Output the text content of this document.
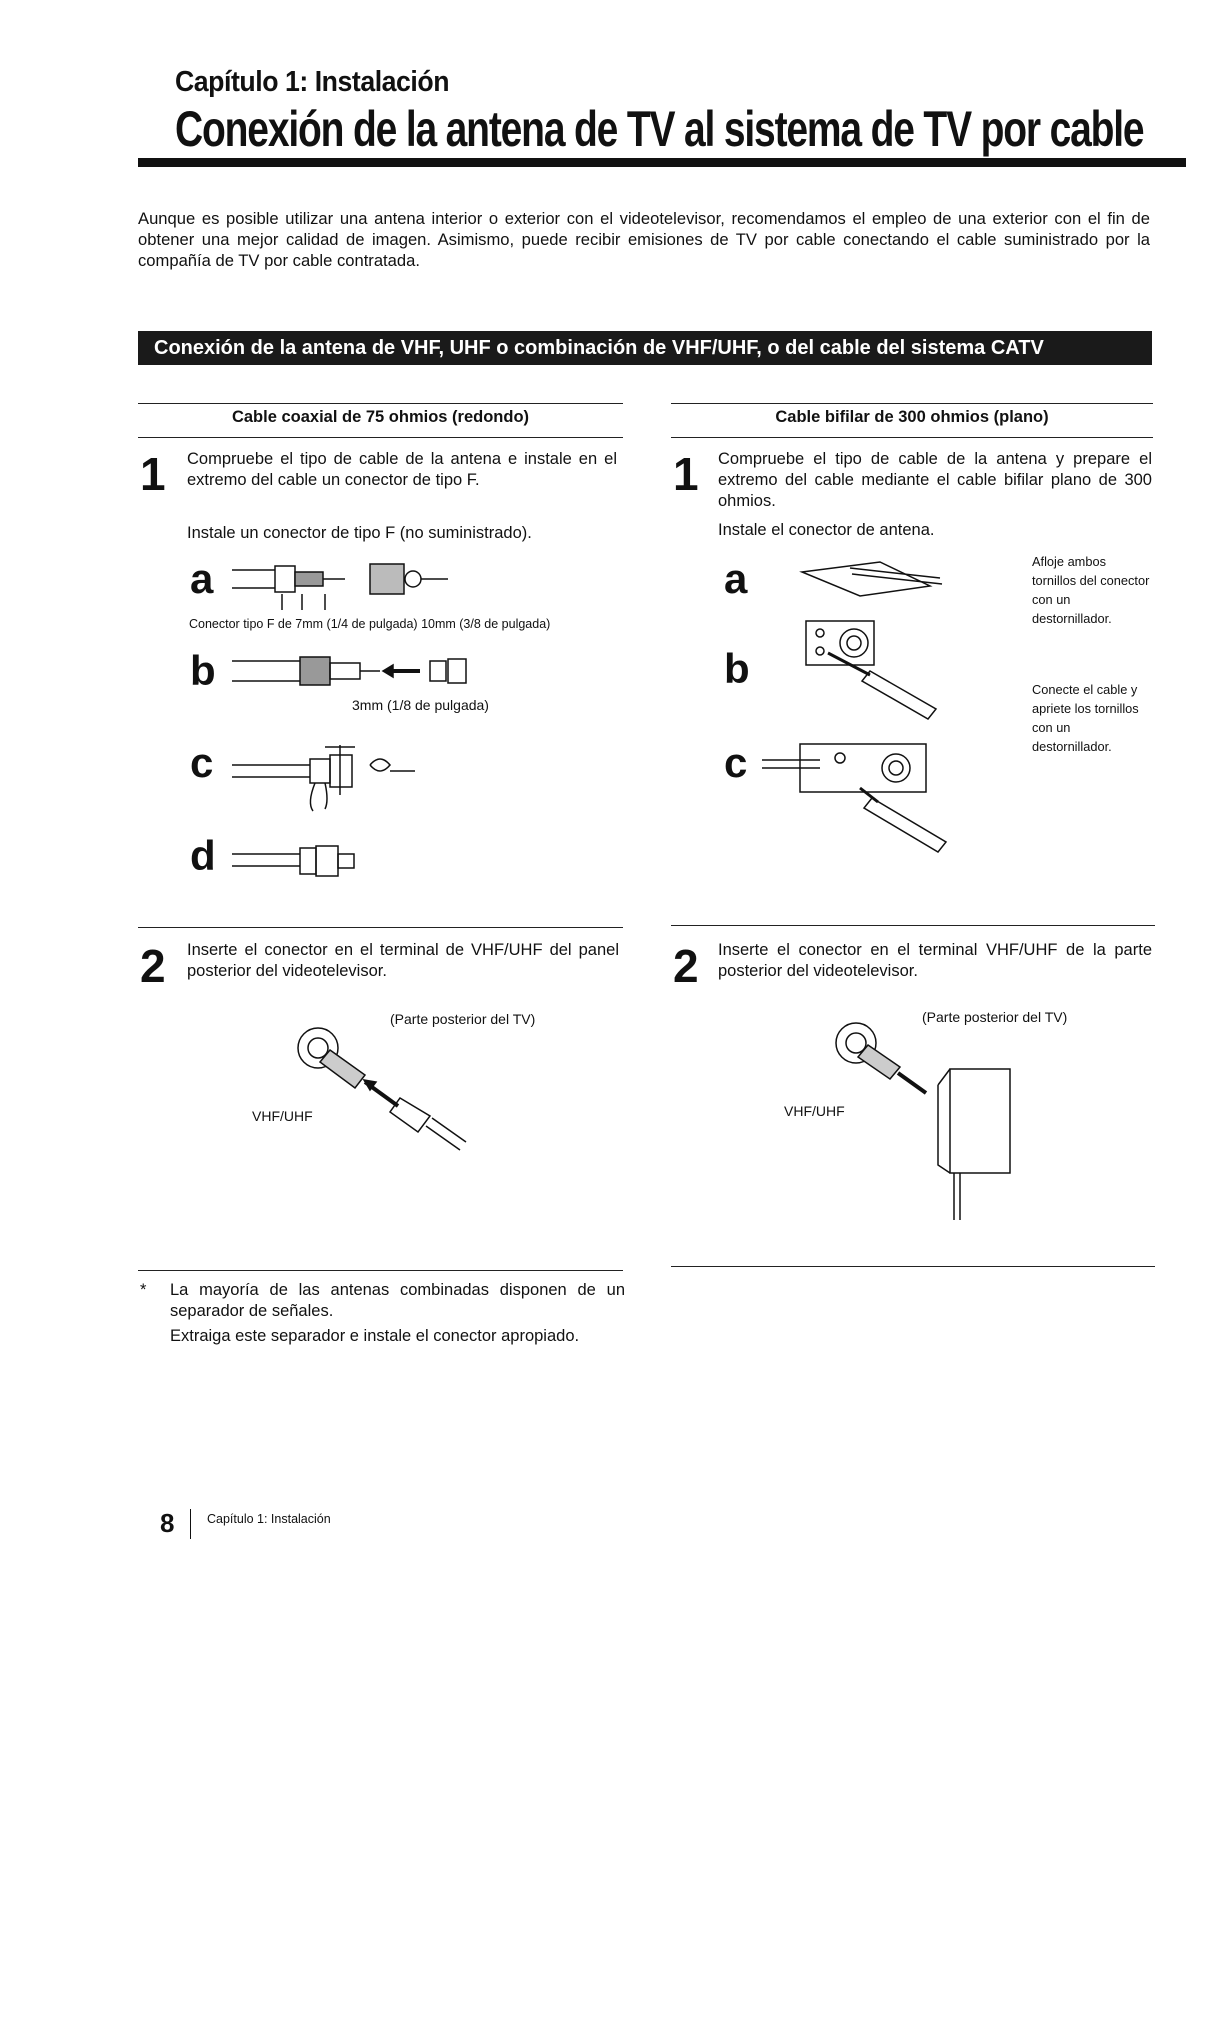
Capítulo 1: Instalación
Conexión de la antena de TV al sistema de TV por cable
Aunque es posible utilizar una antena interior o exterior con el videotelevisor, recomendamos el empleo de una exterior con el fin de obtener una mejor calidad de imagen. Asimismo, puede recibir emisiones de TV por cable conectando el cable suministrado por la compañía de TV por cable contratada.
Conexión de la antena de VHF, UHF o combinación de VHF/UHF, o del cable del sistema CATV
Cable coaxial de 75 ohmios (redondo)
1 Compruebe el tipo de cable de la antena e instale en el extremo del cable un conector de tipo F.
Instale un conector de tipo F (no suministrado).
a
b
c
d
Conector tipo F de 7mm (1/4 de pulgada) 10mm (3/8 de pulgada)
3mm (1/8 de pulgada)
2 Inserte el conector en el terminal de VHF/UHF del panel posterior del videotelevisor.
(Parte posterior del TV)
VHF/UHF
Cable bifilar de 300 ohmios (plano)
1 Compruebe el tipo de cable de la antena y prepare el extremo del cable mediante el cable bifilar plano de 300 ohmios.
Instale el conector de antena.
a
b
c
Afloje ambos tornillos del conector con un destornillador.
Conecte el cable y apriete los tornillos con un destornillador.
2 Inserte el conector en el terminal VHF/UHF de la parte posterior del videotelevisor.
(Parte posterior del TV)
VHF/UHF
* La mayoría de las antenas combinadas disponen de un separador de señales.
Extraiga este separador e instale el conector apropiado.
8	Capítulo 1: Instalación
